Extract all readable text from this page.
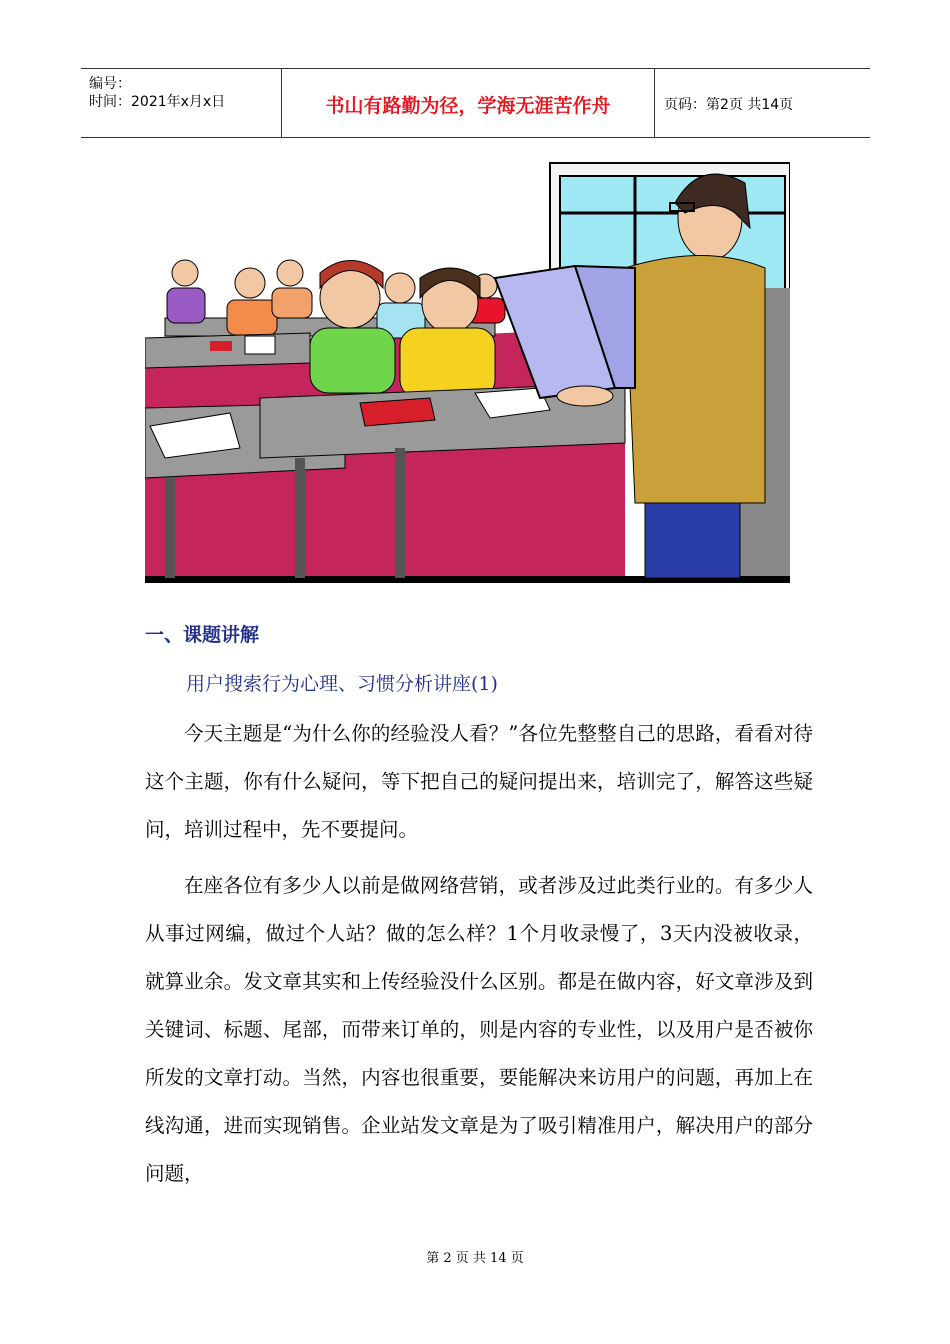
编号：
时间：2021年x月x日	书山有路勤为径，学海无涯苦作舟	页码：第2页 共14页
一、课题讲解
用户搜索行为心理、习惯分析讲座(1)

今天主题是“为什么你的经验没人看？”各位先整整自己的思路，看看对待这个主题，你有什么疑问，等下把自己的疑问提出来，培训完了，解答这些疑问，培训过程中，先不要提问。

在座各位有多少人以前是做网络营销，或者涉及过此类行业的。有多少人从事过网编，做过个人站？做的怎么样？1个月收录慢了，3天内没被收录，就算业余。发文章其实和上传经验没什么区别。都是在做内容，好文章涉及到关键词、标题、尾部，而带来订单的，则是内容的专业性，以及用户是否被你所发的文章打动。当然，内容也很重要，要能解决来访用户的问题，再加上在线沟通，进而实现销售。企业站发文章是为了吸引精准用户，解决用户的部分问题，

第 2 页 共 14 页
